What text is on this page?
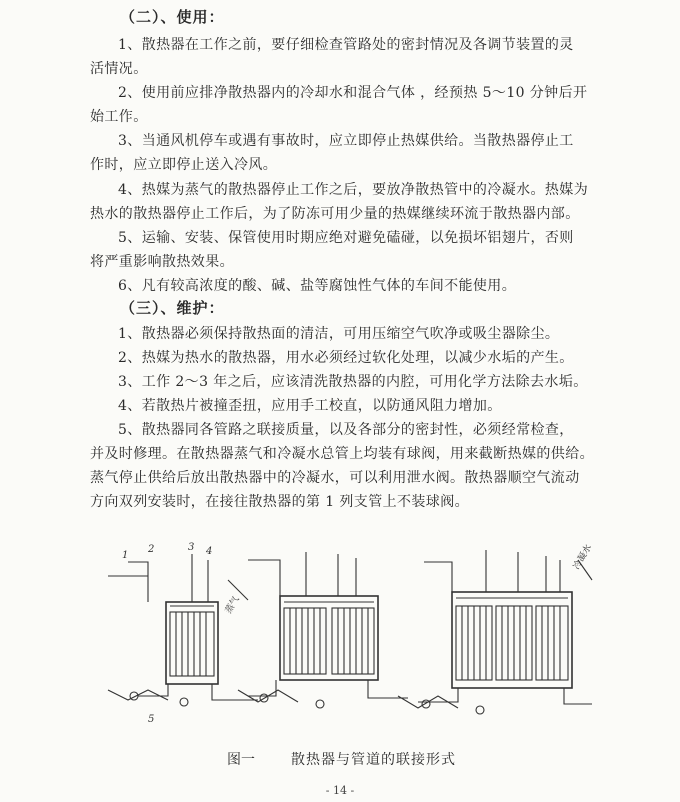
（二）、使用：
1、散热器在工作之前，要仔细检查管路处的密封情况及各调节装置的灵
活情况。
2、使用前应排净散热器内的冷却水和混合气体 ，经预热 5～10 分钟后开
始工作。
3、当通风机停车或遇有事故时，应立即停止热媒供给。当散热器停止工
作时，应立即停止送入冷风。
4、热媒为蒸气的散热器停止工作之后，要放净散热管中的冷凝水。热媒为
热水的散热器停止工作后，为了防冻可用少量的热媒继续环流于散热器内部。
5、运输、安装、保管使用时期应绝对避免磕碰，以免损坏铝翅片，否则
将严重影响散热效果。
6、凡有较高浓度的酸、碱、盐等腐蚀性气体的车间不能使用。
（三）、维护：
1、散热器必须保持散热面的清洁，可用压缩空气吹净或吸尘器除尘。
2、热媒为热水的散热器，用水必须经过软化处理，以减少水垢的产生。
3、工作 2～3 年之后，应该清洗散热器的内腔，可用化学方法除去水垢。
4、若散热片被撞歪扭，应用手工校直，以防通风阻力增加。
5、散热器同各管路之联接质量，以及各部分的密封性，必须经常检查，
并及时修理。在散热器蒸气和冷凝水总管上均装有球阀，用来截断热媒的供给。
蒸气停止供给后放出散热器中的冷凝水，可以利用泄水阀。散热器顺空气流动
方向双列安装时，在接往散热器的第 1 列支管上不装球阀。
1
2	3 4
5
蒸气
冷凝水
图一	散热器与管道的联接形式
- 14 -
